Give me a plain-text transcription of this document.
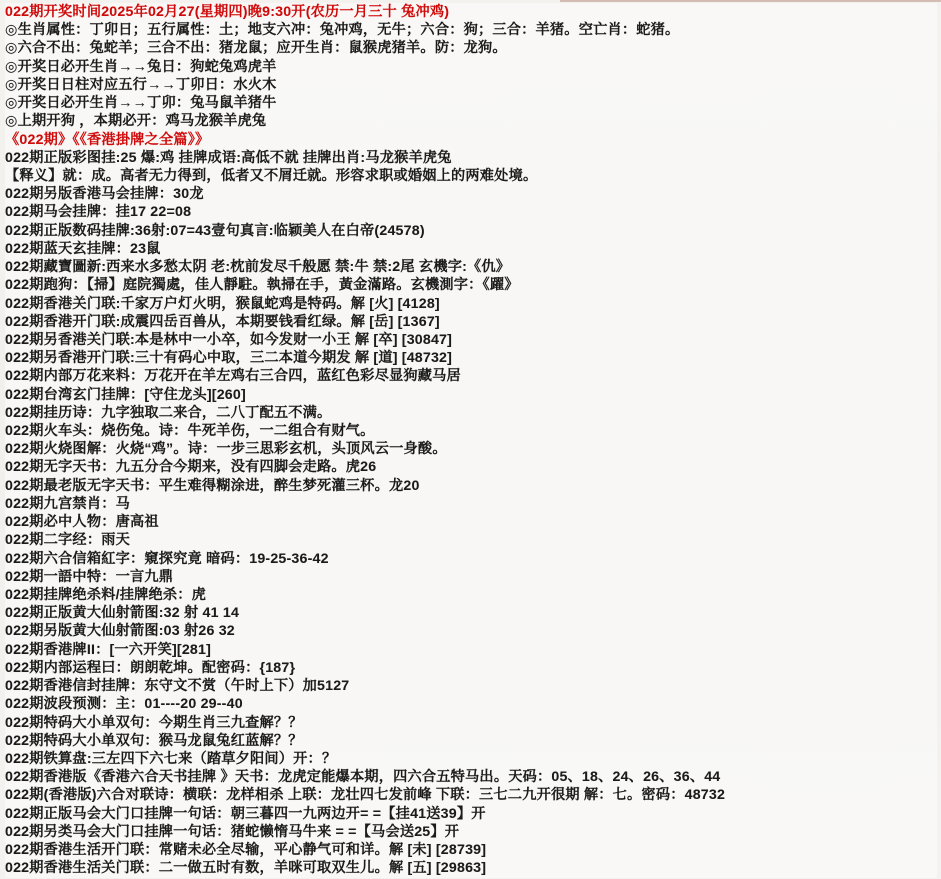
022期开奖时间2025年02月27(星期四)晚9:30开(农历一月三十 兔冲鸡)
◎生肖属性：丁卯日；五行属性：土；地支六冲：兔冲鸡，无牛；六合：狗；三合：羊猪。空亡肖：蛇猪。
◎六合不出：兔蛇羊；三合不出：猪龙鼠；应开生肖：鼠猴虎猪羊。防：龙狗。
◎开奖日必开生肖→→兔日：狗蛇兔鸡虎羊
◎开奖日日柱对应五行→→丁卯日：水火木
◎开奖日必开生肖→→丁卯：兔马鼠羊猪牛
◎上期开狗 ，本期必开：鸡马龙猴羊虎兔
《022期》《《香港掛牌之全篇》》
022期正版彩图挂:25 爆:鸡 挂牌成语:高低不就 挂牌出肖:马龙猴羊虎兔
【释义】就：成。高者无力得到，低者又不屑迁就。形容求职或婚姻上的两难处境。
022期另版香港马会挂牌：30龙
022期马会挂牌：挂17 22=08
022期正版数码挂牌:36射:07=43壹句真言:临颖美人在白帝(24578)
022期蓝天玄挂牌：23鼠
022期藏寶圖新:西来水多愁太阴 老:枕前发尽千般愿 禁:牛 禁:2尾 玄機字:《仇》
022期跑狗：【掃】庭院獨處，佳人靜駐。執掃在手，黃金滿路。玄機測字：《躍》
022期香港关门联:千家万户灯火明，猴鼠蛇鸡是特码。解 [火] [4128]
022期香港开门联:成震四岳百兽从，本期要钱看红绿。解 [岳] [1367]
022期另香港关门联:本是林中一小卒，如今发财一小王 解 [卒] [30847]
022期另香港开门联:三十有码心中取，三二本道今期发 解 [道] [48732]
022期内部万花来料：万花开在羊左鸡右三合四，蓝红色彩尽显狗藏马居
022期台湾玄门挂牌：[守住龙头][260]
022期挂历诗：九字独取二来合，二八丁配五不满。
022期火车头：烧伤兔。诗：牛死羊伤，一二组合有财气。
022期火烧图解：火烧“鸡”。诗：一步三思彩玄机，头顶风云一身酸。
022期无字天书：九五分合今期来，没有四脚会走路。虎26
022期最老版无字天书：平生难得糊涂进，醉生梦死灌三杯。龙20
022期九宫禁肖：马
022期必中人物：唐高祖
022期二字经：雨天
022期六合信箱紅字：窺探究竟 暗码：19-25-36-42
022期一語中特：一言九鼎
022期挂牌绝杀料/挂牌绝杀：虎
022期正版黄大仙射箭图:32 射 41 14
022期另版黄大仙射箭图:03 射26 32
022期香港牌II：[一六开笑][281]
022期内部运程曰：朗朗乾坤。配密码：{187}
022期香港信封挂牌：东守文不赏（午时上下）加5127
022期波段预测：主：01----20 29--40
022期特码大小单双句：今期生肖三九查解？？
022期特码大小单双句：猴马龙鼠兔红蓝解？？
022期铁算盘:三左四下六七来（踏草夕阳间）开：？
022期香港版《香港六合天书挂牌 》天书：龙虎定能爆本期，四六合五特马出。天码：05、18、24、26、36、44
022期(香港版)六合对联诗：横联：龙样相杀 上联：龙壮四七发前峰 下联：三七二九开很期 解：七。密码：48732
022期正版马会大门口挂牌一句话：朝三暮四一九两边开= =【挂41送39】开
022期另类马会大门口挂牌一句话：猪蛇懒惰马牛来 = =【马会送25】开
022期香港生活开门联：常赌未必全尽输，平心静气可和详。解 [未] [28739]
022期香港生活关门联：二一做五时有数，羊咪可取双生儿。解 [五] [29863]
